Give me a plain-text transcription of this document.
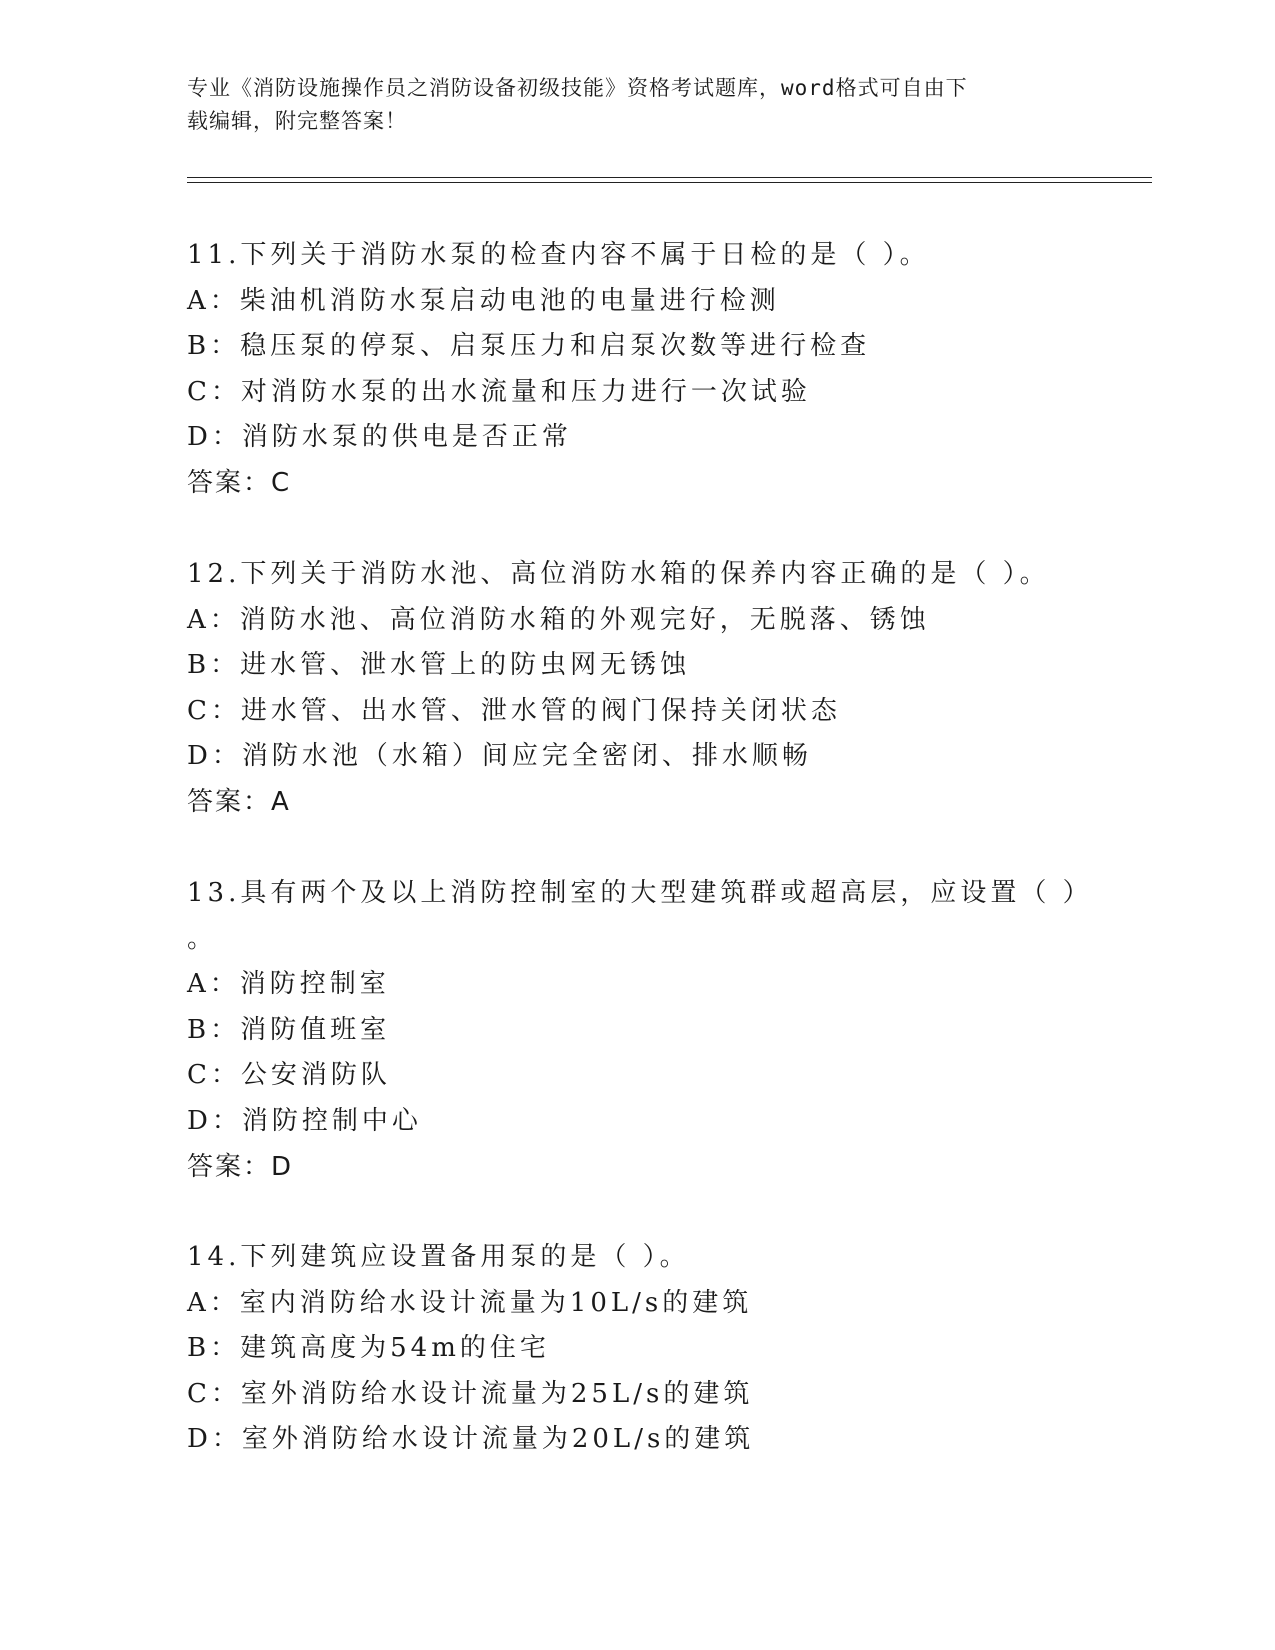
专业《消防设施操作员之消防设备初级技能》资格考试题库，word格式可自由下
载编辑，附完整答案！
11.下列关于消防水泵的检查内容不属于日检的是（ ）。
A：柴油机消防水泵启动电池的电量进行检测
B：稳压泵的停泵、启泵压力和启泵次数等进行检查
C：对消防水泵的出水流量和压力进行一次试验
D：消防水泵的供电是否正常
答案：C
12.下列关于消防水池、高位消防水箱的保养内容正确的是（ ）。
A：消防水池、高位消防水箱的外观完好，无脱落、锈蚀
B：进水管、泄水管上的防虫网无锈蚀
C：进水管、出水管、泄水管的阀门保持关闭状态
D：消防水池（水箱）间应完全密闭、排水顺畅
答案：A
13.具有两个及以上消防控制室的大型建筑群或超高层，应设置（ ）
。
A：消防控制室
B：消防值班室
C：公安消防队
D：消防控制中心
答案：D
14.下列建筑应设置备用泵的是（ ）。
A：室内消防给水设计流量为10L/s的建筑
B：建筑高度为54m的住宅
C：室外消防给水设计流量为25L/s的建筑
D：室外消防给水设计流量为20L/s的建筑
